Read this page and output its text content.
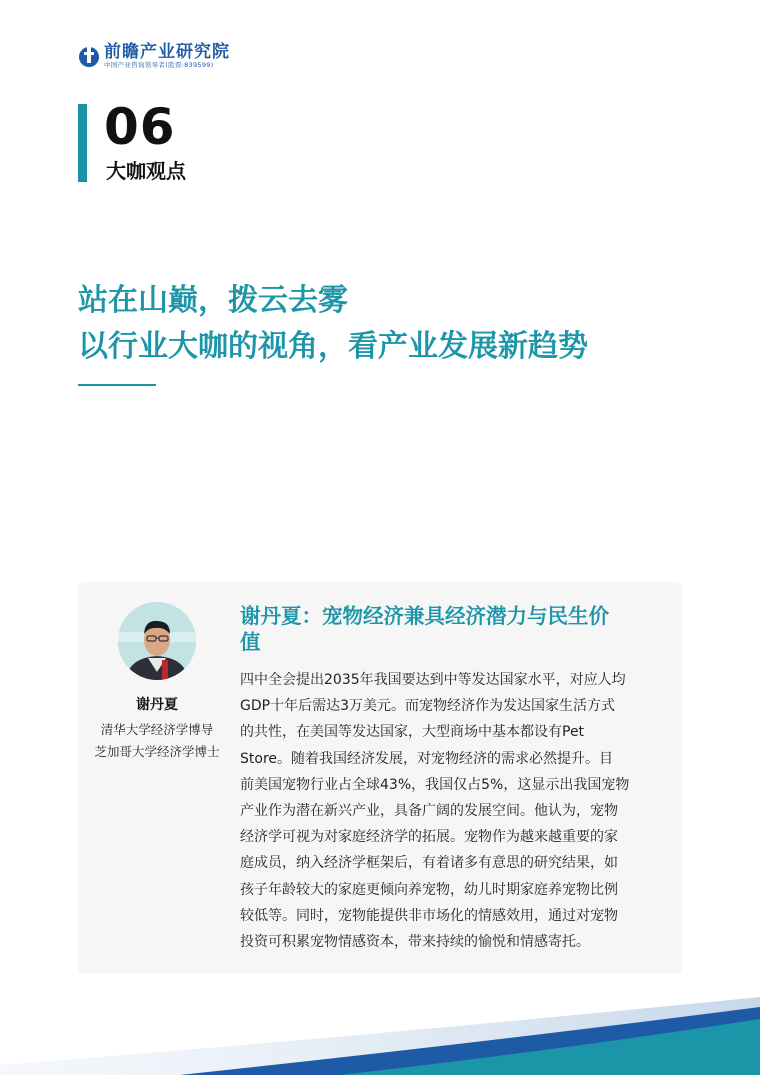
前瞻产业研究院
中国产业咨询领导者(股票:839599)
06
大咖观点
站在山巅，拨云去雾
以行业大咖的视角，看产业发展新趋势
谢丹夏
清华大学经济学博导
芝加哥大学经济学博士
谢丹夏：宠物经济兼具经济潜力与民生价
值
四中全会提出2035年我国要达到中等发达国家水平，对应人均
GDP十年后需达3万美元。而宠物经济作为发达国家生活方式
的共性，在美国等发达国家，大型商场中基本都设有Pet
Store。随着我国经济发展，对宠物经济的需求必然提升。目
前美国宠物行业占全球43%，我国仅占5%，这显示出我国宠物
产业作为潜在新兴产业，具备广阔的发展空间。他认为，宠物
经济学可视为对家庭经济学的拓展。宠物作为越来越重要的家
庭成员，纳入经济学框架后，有着诸多有意思的研究结果，如
孩子年龄较大的家庭更倾向养宠物，幼儿时期家庭养宠物比例
较低等。同时，宠物能提供非市场化的情感效用，通过对宠物
投资可积累宠物情感资本，带来持续的愉悦和情感寄托。
